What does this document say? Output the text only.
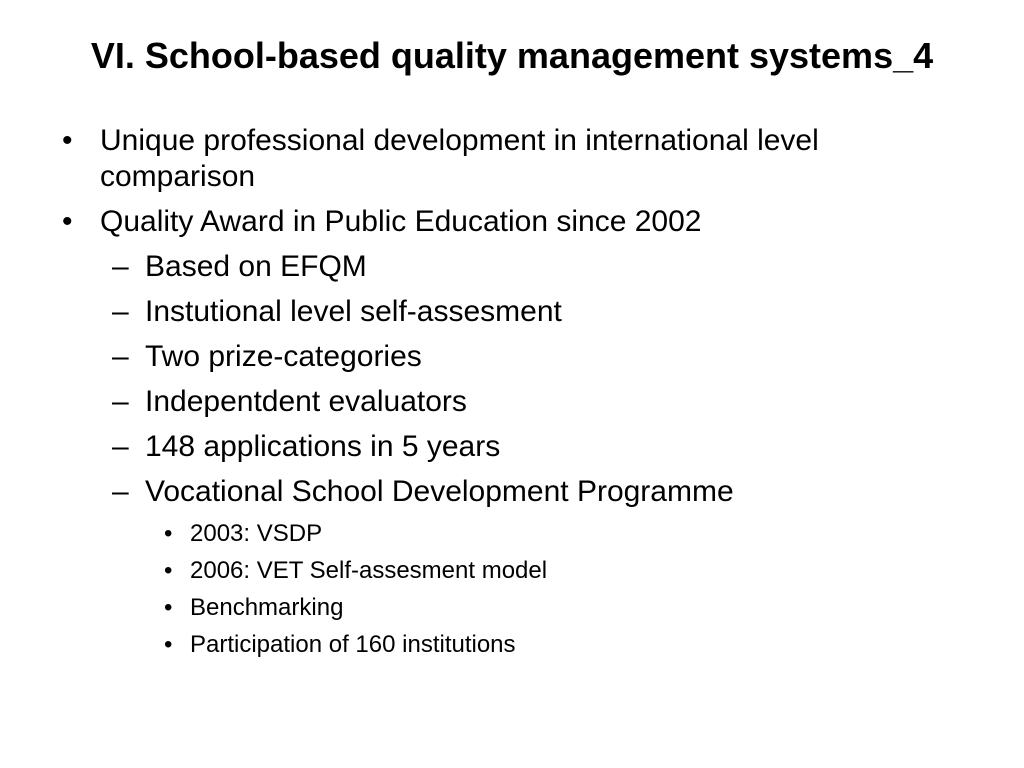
VI. School-based quality management systems_4
• Unique professional development in international level comparison
• Quality Award in Public Education since 2002
– Based on EFQM
– Instutional level self-assesment
– Two prize-categories
– Indepentdent evaluators
– 148 applications in 5 years
– Vocational School Development Programme
• 2003: VSDP
• 2006: VET Self-assesment model
• Benchmarking
• Participation of 160 institutions
